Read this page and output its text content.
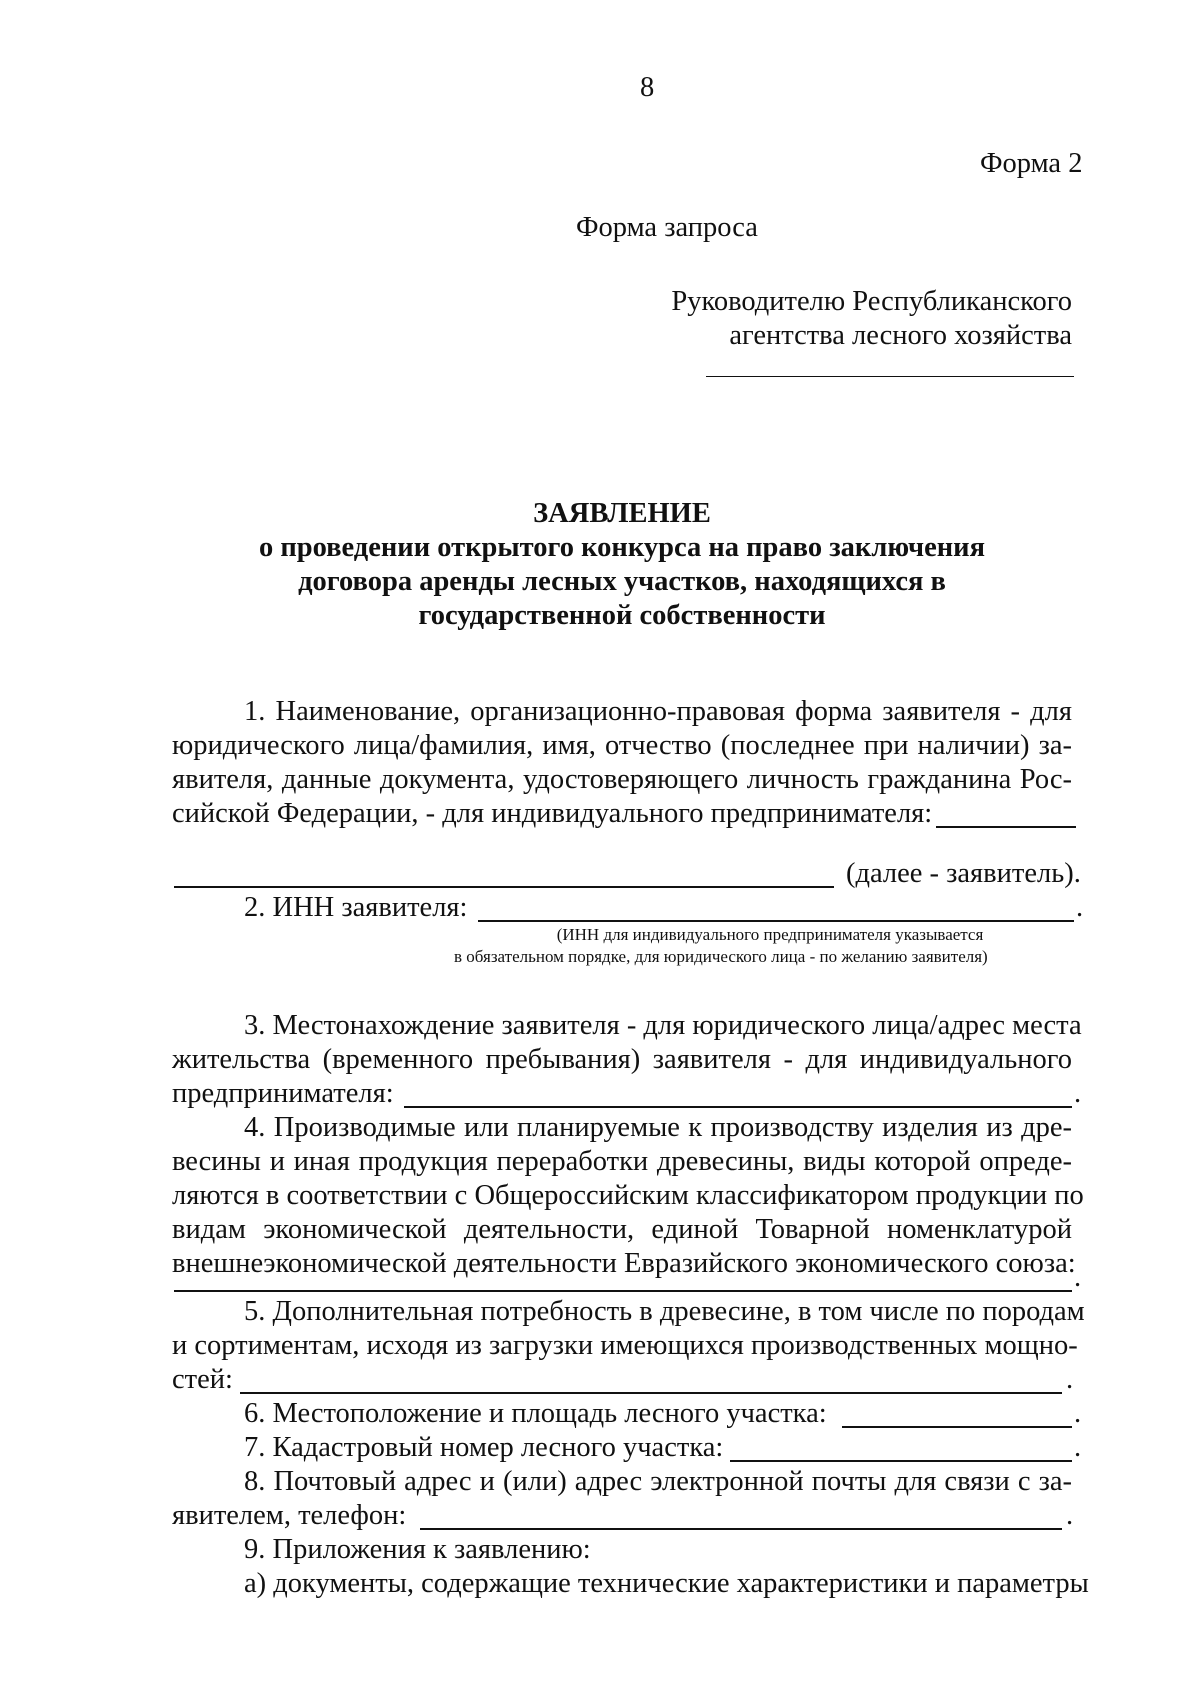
8
Форма 2
Форма запроса
Руководителю Республиканского
агентства лесного хозяйства
ЗАЯВЛЕНИЕ
о проведении открытого конкурса на право заключения
договора аренды лесных участков, находящихся в
государственной собственности
1. Наименование, организационно-правовая форма заявителя - для
юридического лица/фамилия, имя, отчество (последнее при наличии) за-
явителя, данные документа, удостоверяющего личность гражданина Рос-
сийской Федерации, - для индивидуального предпринимателя:
(далее - заявитель).
2. ИНН заявителя:	.
(ИНН для индивидуального предпринимателя указывается
в обязательном порядке, для юридического лица - по желанию заявителя)
3. Местонахождение заявителя - для юридического лица/адрес места
жительства (временного пребывания) заявителя - для индивидуального
предпринимателя:	.
4. Производимые или планируемые к производству изделия из дре-
весины и иная продукция переработки древесины, виды которой опреде-
ляются в соответствии с Общероссийским классификатором продукции по
видам экономической деятельности, единой Товарной номенклатурой
внешнеэкономической деятельности Евразийского экономического союза:
.
5. Дополнительная потребность в древесине, в том числе по породам
и сортиментам, исходя из загрузки имеющихся производственных мощно-
стей:	.
6. Местоположение и площадь лесного участка:	.
7. Кадастровый номер лесного участка:	.
8. Почтовый адрес и (или) адрес электронной почты для связи с за-
явителем, телефон:	.
9. Приложения к заявлению:
а) документы, содержащие технические характеристики и параметры
